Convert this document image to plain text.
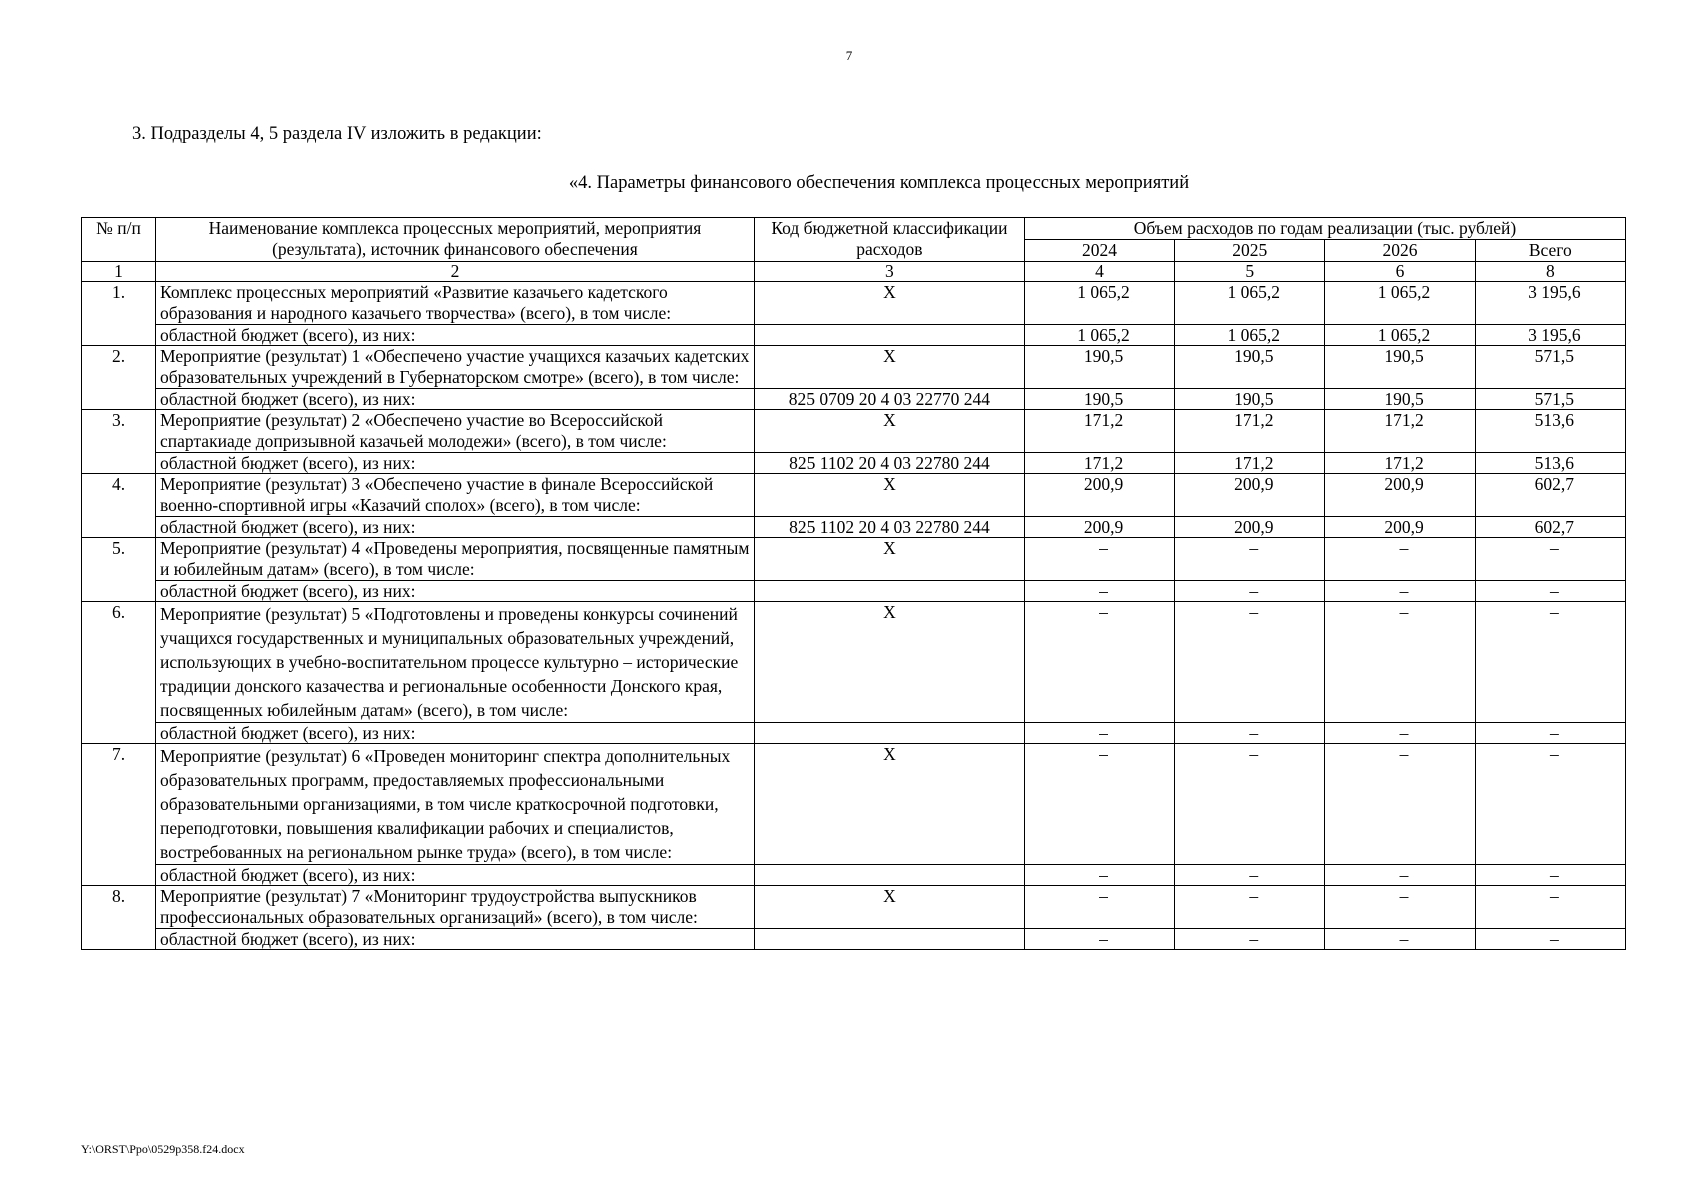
7
3. Подразделы 4, 5 раздела IV изложить в редакции:
«4. Параметры финансового обеспечения комплекса процессных мероприятий
№ п/п	Наименование комплекса процессных мероприятий, мероприятия (результата), источник финансового обеспечения	Код бюджетной классификации расходов	Объем расходов по годам реализации (тыс. рублей)			
			2024	2025	2026	Всего
1	2	3	4	5	6	8
1.	Комплекс процессных мероприятий «Развитие казачьего кадетского образования и народного казачьего творчества» (всего), в том числе:	X	1 065,2	1 065,2	1 065,2	3 195,6
	областной бюджет (всего), из них:		1 065,2	1 065,2	1 065,2	3 195,6
2.	Мероприятие (результат) 1 «Обеспечено участие учащихся казачьих кадетских образовательных учреждений в Губернаторском смотре» (всего), в том числе:	X	190,5	190,5	190,5	571,5
	областной бюджет (всего), из них:	825 0709 20 4 03 22770 244	190,5	190,5	190,5	571,5
3.	Мероприятие (результат) 2 «Обеспечено участие во Всероссийской спартакиаде допризывной казачьей молодежи» (всего), в том числе:	X	171,2	171,2	171,2	513,6
	областной бюджет (всего), из них:	825 1102 20 4 03 22780 244	171,2	171,2	171,2	513,6
4.	Мероприятие (результат) 3 «Обеспечено участие в финале Всероссийской военно-спортивной игры «Казачий сполох» (всего), в том числе:	X	200,9	200,9	200,9	602,7
	областной бюджет (всего), из них:	825 1102 20 4 03 22780 244	200,9	200,9	200,9	602,7
5.	Мероприятие (результат) 4 «Проведены мероприятия, посвященные памятным и юбилейным датам» (всего), в том числе:	X	–	–	–	–
	областной бюджет (всего), из них:		–	–	–	–
6.	Мероприятие (результат) 5 «Подготовлены и проведены конкурсы сочинений учащихся государственных и муниципальных образовательных учреждений, использующих в учебно-воспитательном процессе культурно – исторические традиции донского казачества и региональные особенности Донского края, посвященных юбилейным датам» (всего), в том числе:	X	–	–	–	–
	областной бюджет (всего), из них:		–	–	–	–
7.	Мероприятие (результат) 6 «Проведен мониторинг спектра дополнительных образовательных программ, предоставляемых профессиональными образовательными организациями, в том числе краткосрочной подготовки, переподготовки, повышения квалификации рабочих и специалистов, востребованных на региональном рынке труда» (всего), в том числе:	X	–	–	–	–
	областной бюджет (всего), из них:		–	–	–	–
8.	Мероприятие (результат) 7 «Мониторинг трудоустройства выпускников профессиональных образовательных организаций» (всего), в том числе:	X	–	–	–	–
	областной бюджет (всего), из них:		–	–	–	–
Y:\ORST\Ppo\0529p358.f24.docx
